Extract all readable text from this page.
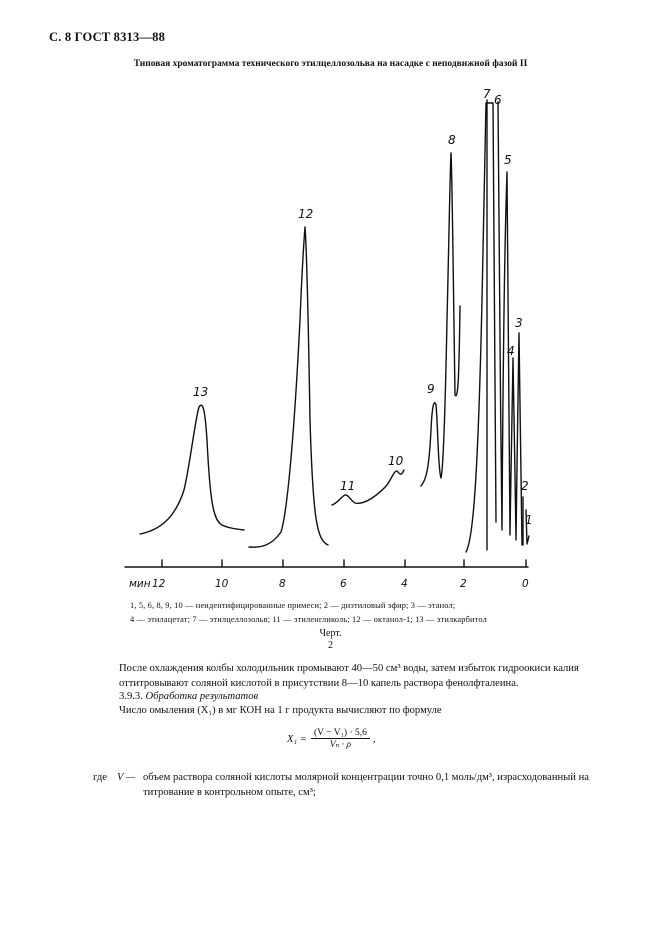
С. 8 ГОСТ 8313—88
Типовая хроматограмма технического этилцеллозольва на насадке с неподвижной фазой II
мин 12	10	8	6	4	2	0
1
2
3
4
5
6
7
8
9
10
11
12
13
1, 5, 6, 8, 9, 10 — неидентифицированные примеси; 2 — диэтиловый эфир; 3 — этанол;
4 — этилацетат; 7 — этилцеллозольв; 11 — этиленгликоль; 12 — октанол-1; 13 — этилкарбитол
Черт.
2
После охлаждения колбы холодильник промывают 40—50 см³ воды, затем избыток гидроокиси калия оттитровывают соляной кислотой в присутствии 8—10 капель раствора фенолфталеина.
3.9.3. Обработка результатов
Число омыления (X₁) в мг КОН на 1 г продукта вычисляют по формуле
X₁ =	(V − V₁) · 5,6	,
Vₙ · ρ
где V — объем раствора соляной кислоты молярной концентрации точно 0,1 моль/дм³, израсходованный на титрование в контрольном опыте, см³;
